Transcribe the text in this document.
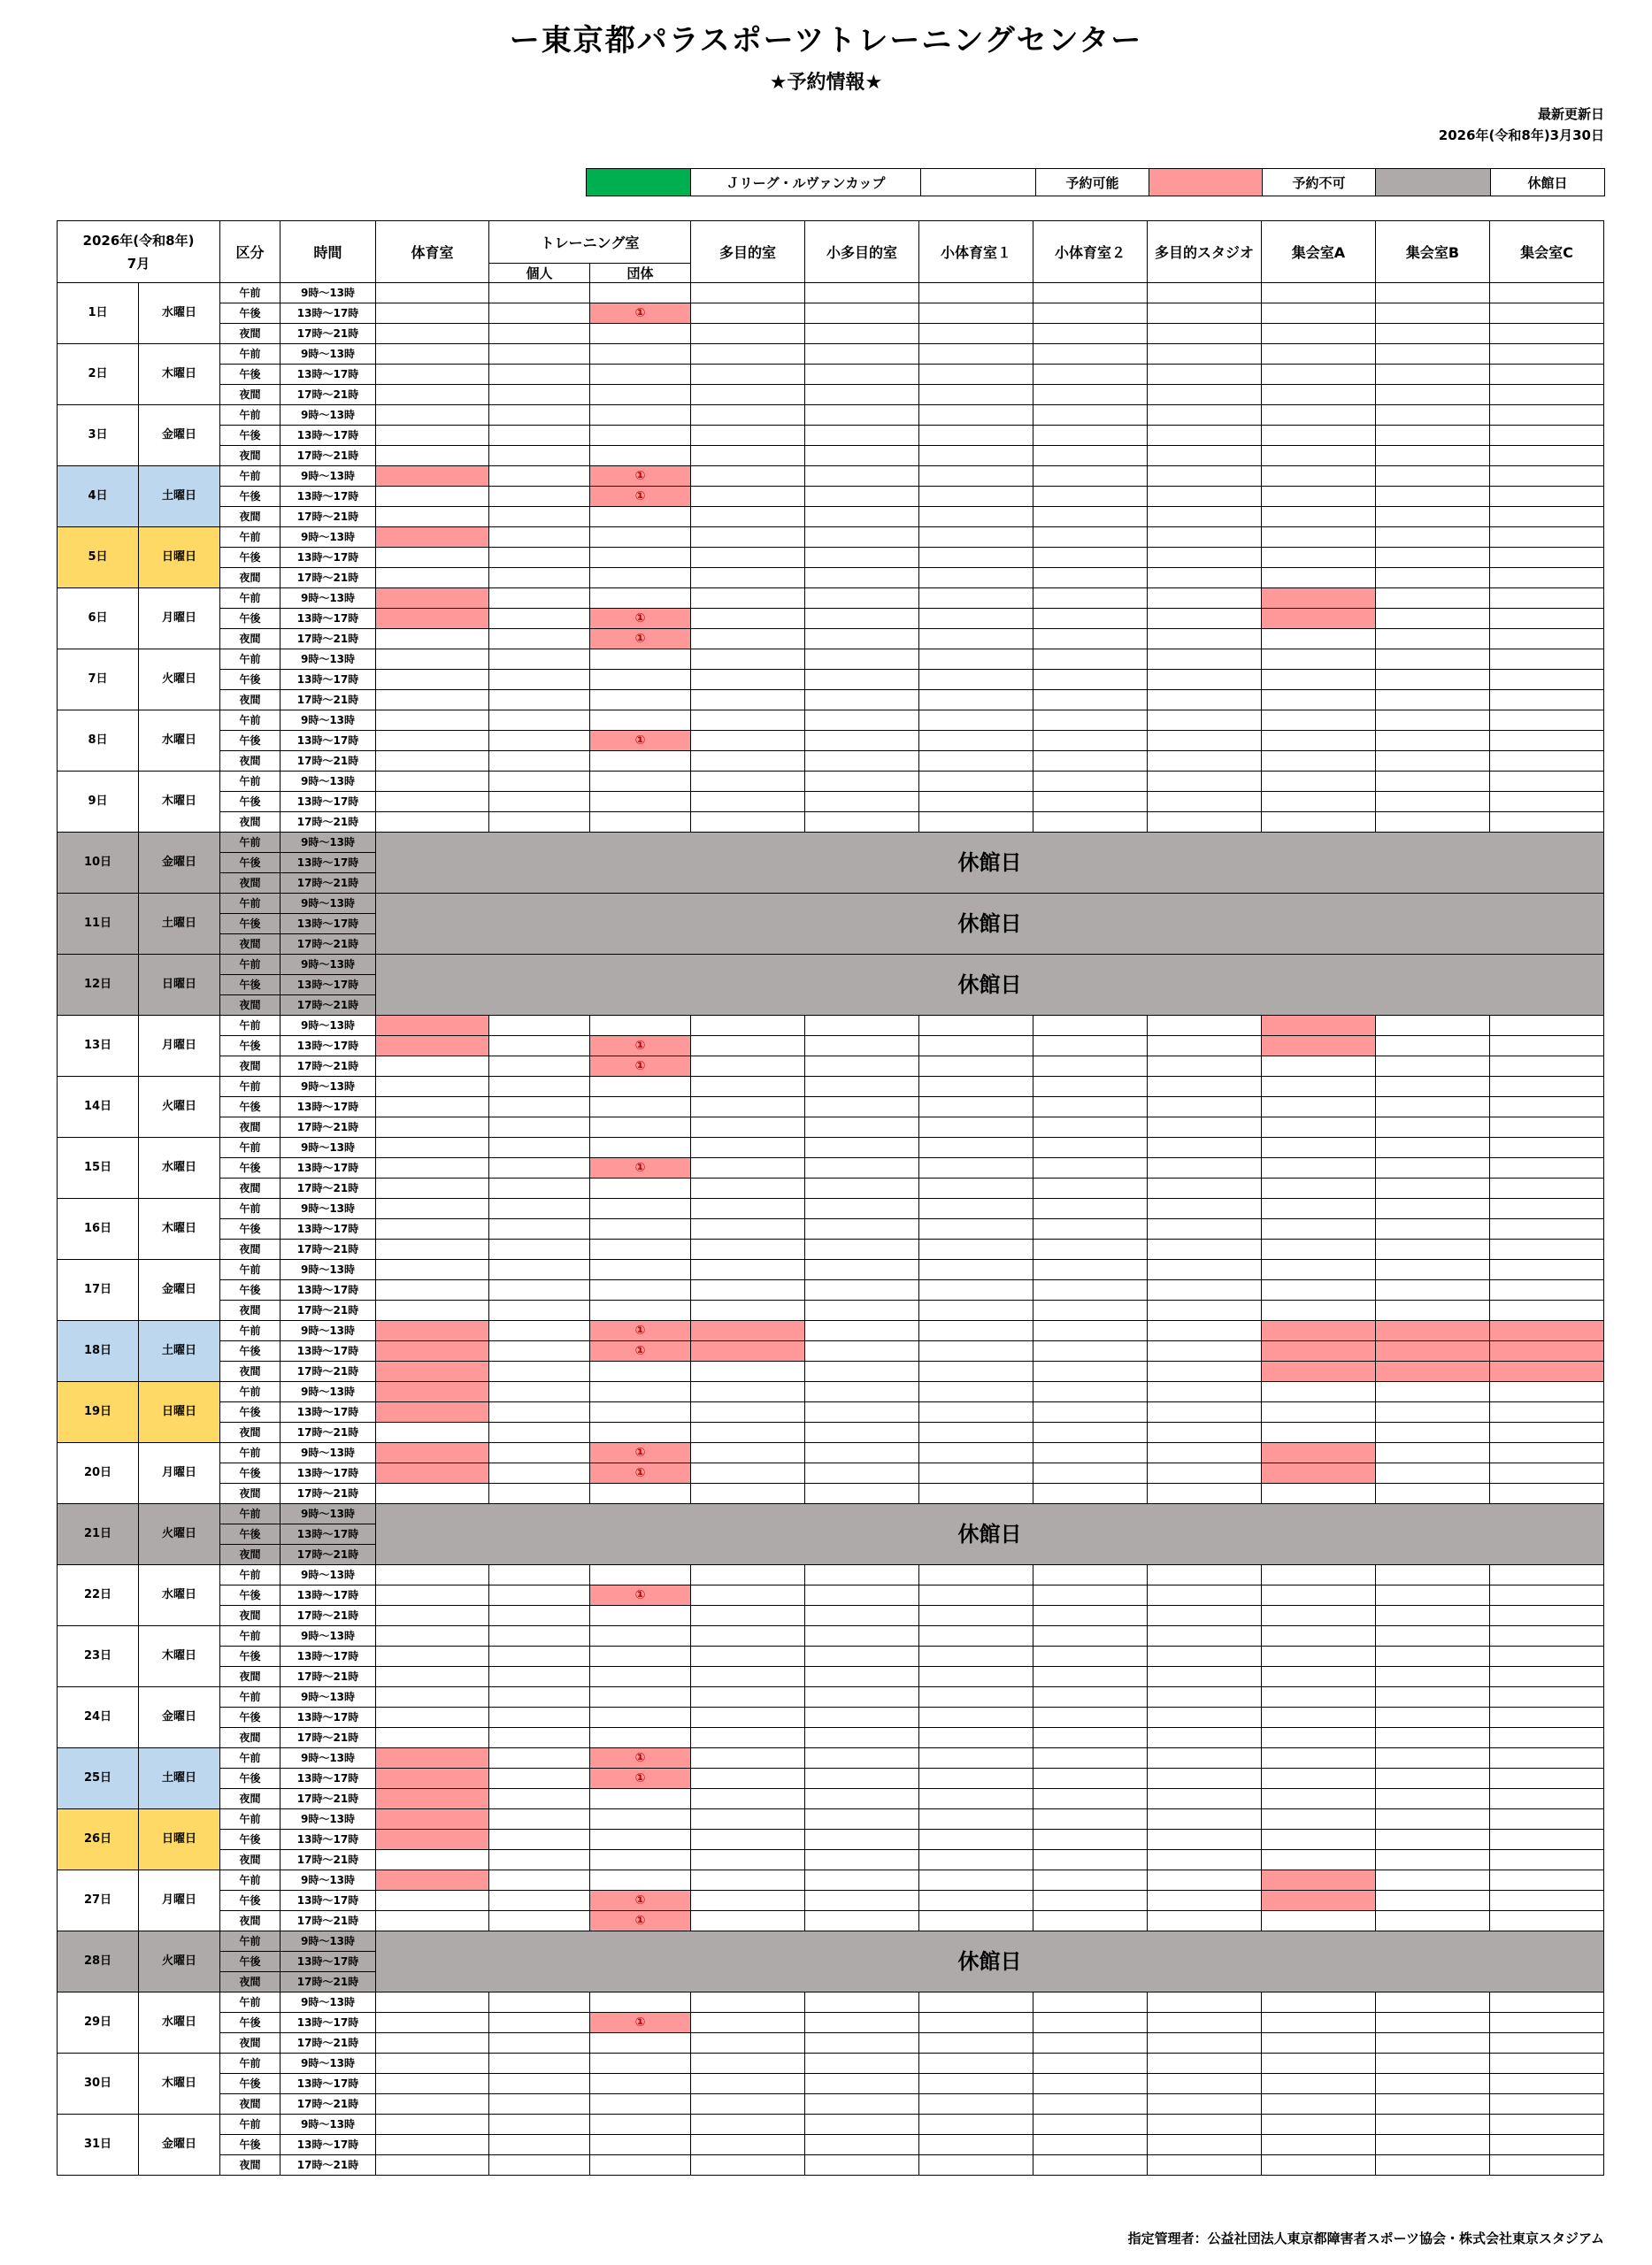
ー東京都パラスポーツトレーニングセンター
★予約情報★
最新更新日
2026年(令和8年)3月30日
Ｊリーグ・ルヴァンカップ	予約可能	予約不可	休館日
2026年(令和8年)
7月		区分	時間	体育室	トレーニング室		多目的室	小多目的室	小体育室１	小体育室２	多目的スタジオ	集会室A	集会室B	集会室C
					個人	団体								
1日	水曜日	午前	9時～13時											
		午後	13時～17時			①								
		夜間	17時～21時											
2日	木曜日	午前	9時～13時											
		午後	13時～17時											
		夜間	17時～21時											
3日	金曜日	午前	9時～13時											
		午後	13時～17時											
		夜間	17時～21時											
4日	土曜日	午前	9時～13時			①								
		午後	13時～17時			①								
		夜間	17時～21時											
5日	日曜日	午前	9時～13時											
		午後	13時～17時											
		夜間	17時～21時											
6日	月曜日	午前	9時～13時											
		午後	13時～17時			①								
		夜間	17時～21時			①								
7日	火曜日	午前	9時～13時											
		午後	13時～17時											
		夜間	17時～21時											
8日	水曜日	午前	9時～13時											
		午後	13時～17時			①								
		夜間	17時～21時											
9日	木曜日	午前	9時～13時											
		午後	13時～17時											
		夜間	17時～21時											
10日	金曜日	午前	9時～13時	休館日										
		午後	13時～17時											
		夜間	17時～21時											
11日	土曜日	午前	9時～13時	休館日										
		午後	13時～17時											
		夜間	17時～21時											
12日	日曜日	午前	9時～13時	休館日										
		午後	13時～17時											
		夜間	17時～21時											
13日	月曜日	午前	9時～13時											
		午後	13時～17時			①								
		夜間	17時～21時			①								
14日	火曜日	午前	9時～13時											
		午後	13時～17時											
		夜間	17時～21時											
15日	水曜日	午前	9時～13時											
		午後	13時～17時			①								
		夜間	17時～21時											
16日	木曜日	午前	9時～13時											
		午後	13時～17時											
		夜間	17時～21時											
17日	金曜日	午前	9時～13時											
		午後	13時～17時											
		夜間	17時～21時											
18日	土曜日	午前	9時～13時			①								
		午後	13時～17時			①								
		夜間	17時～21時											
19日	日曜日	午前	9時～13時											
		午後	13時～17時											
		夜間	17時～21時											
20日	月曜日	午前	9時～13時			①								
		午後	13時～17時			①								
		夜間	17時～21時											
21日	火曜日	午前	9時～13時	休館日										
		午後	13時～17時											
		夜間	17時～21時											
22日	水曜日	午前	9時～13時											
		午後	13時～17時			①								
		夜間	17時～21時											
23日	木曜日	午前	9時～13時											
		午後	13時～17時											
		夜間	17時～21時											
24日	金曜日	午前	9時～13時											
		午後	13時～17時											
		夜間	17時～21時											
25日	土曜日	午前	9時～13時			①								
		午後	13時～17時			①								
		夜間	17時～21時											
26日	日曜日	午前	9時～13時											
		午後	13時～17時											
		夜間	17時～21時											
27日	月曜日	午前	9時～13時											
		午後	13時～17時			①								
		夜間	17時～21時			①								
28日	火曜日	午前	9時～13時	休館日										
		午後	13時～17時											
		夜間	17時～21時											
29日	水曜日	午前	9時～13時											
		午後	13時～17時			①								
		夜間	17時～21時											
30日	木曜日	午前	9時～13時											
		午後	13時～17時											
		夜間	17時～21時											
31日	金曜日	午前	9時～13時											
		午後	13時～17時											
		夜間	17時～21時											
指定管理者：公益社団法人東京都障害者スポーツ協会・株式会社東京スタジアム
